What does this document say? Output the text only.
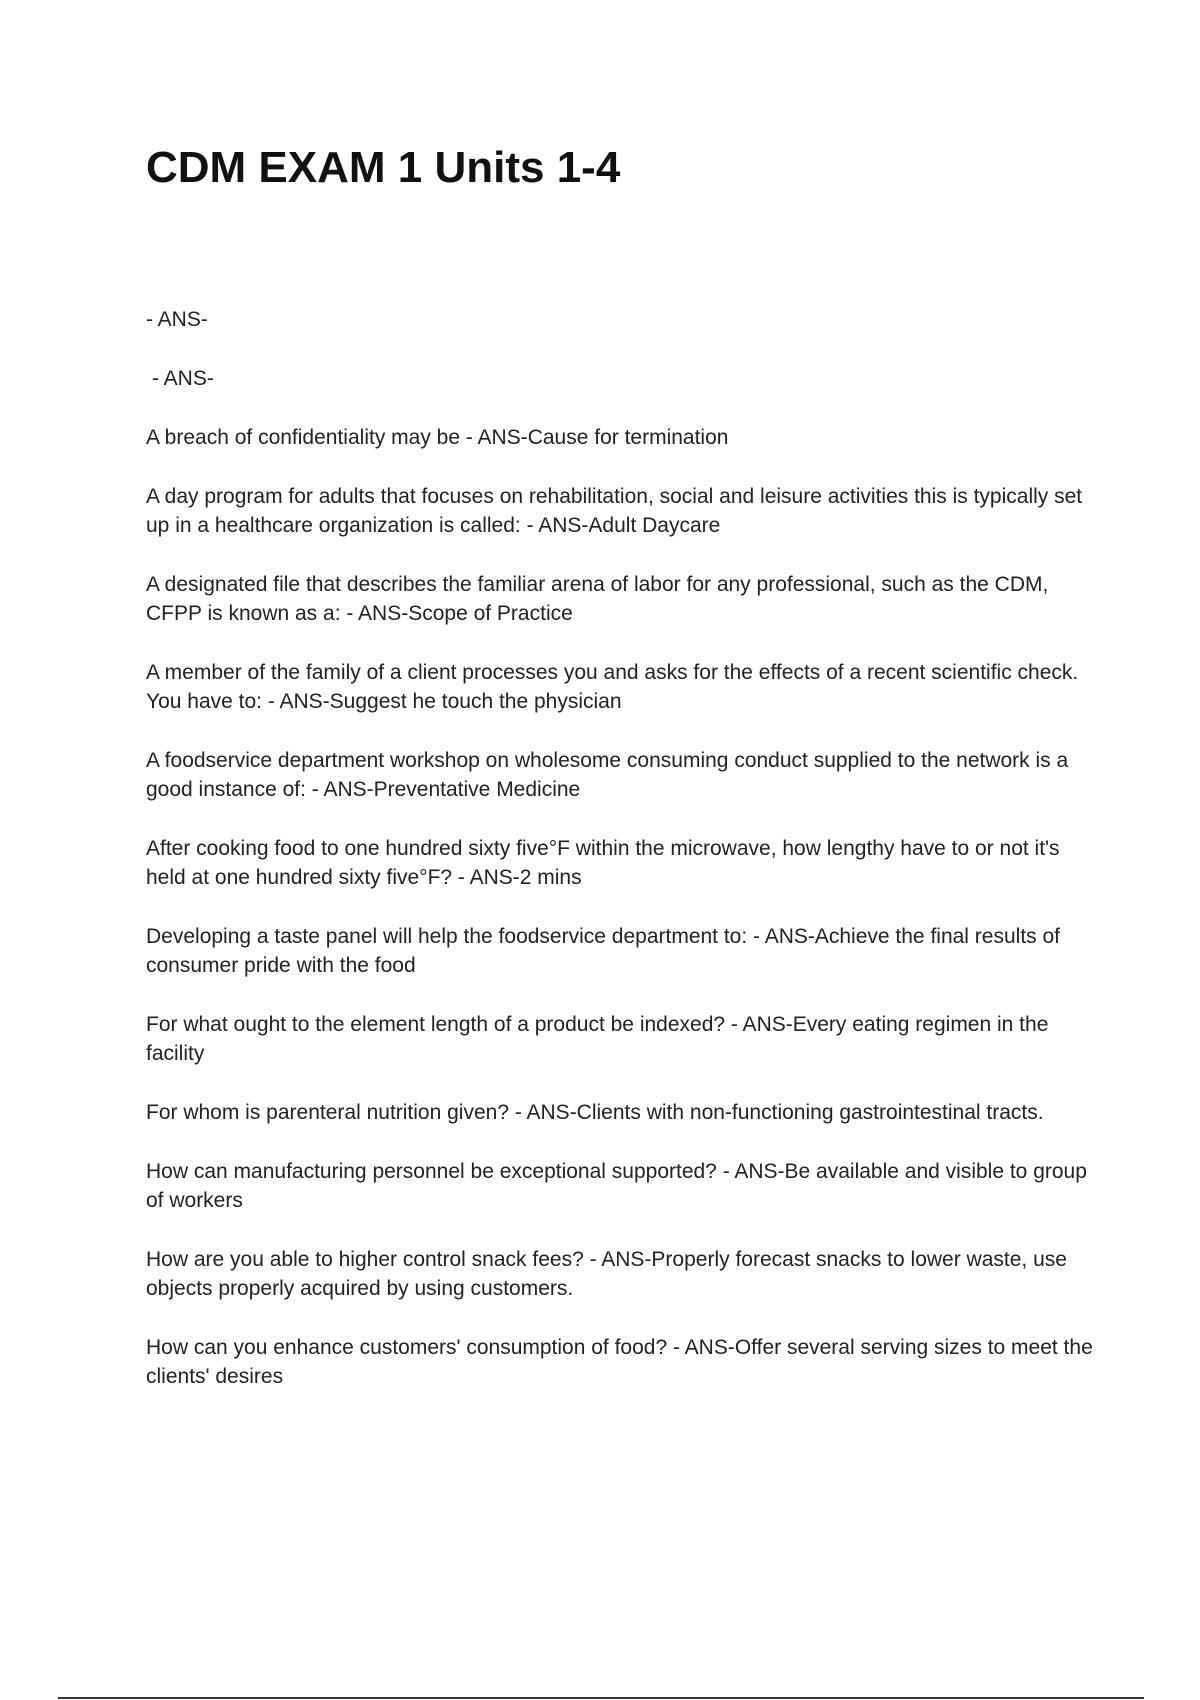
CDM EXAM 1 Units 1-4

- ANS-

- ANS-

A breach of confidentiality may be - ANS-Cause for termination

A day program for adults that focuses on rehabilitation, social and leisure activities this is typically set up in a healthcare organization is called: - ANS-Adult Daycare

A designated file that describes the familiar arena of labor for any professional, such as the CDM, CFPP is known as a: - ANS-Scope of Practice

A member of the family of a client processes you and asks for the effects of a recent scientific check. You have to: - ANS-Suggest he touch the physician

A foodservice department workshop on wholesome consuming conduct supplied to the network is a good instance of: - ANS-Preventative Medicine

After cooking food to one hundred sixty five°F within the microwave, how lengthy have to or not it's held at one hundred sixty five°F? - ANS-2 mins

Developing a taste panel will help the foodservice department to: - ANS-Achieve the final results of consumer pride with the food

For what ought to the element length of a product be indexed? - ANS-Every eating regimen in the facility

For whom is parenteral nutrition given? - ANS-Clients with non-functioning gastrointestinal tracts.

How can manufacturing personnel be exceptional supported? - ANS-Be available and visible to group of workers

How are you able to higher control snack fees? - ANS-Properly forecast snacks to lower waste, use objects properly acquired by using customers.

How can you enhance customers' consumption of food? - ANS-Offer several serving sizes to meet the clients' desires
